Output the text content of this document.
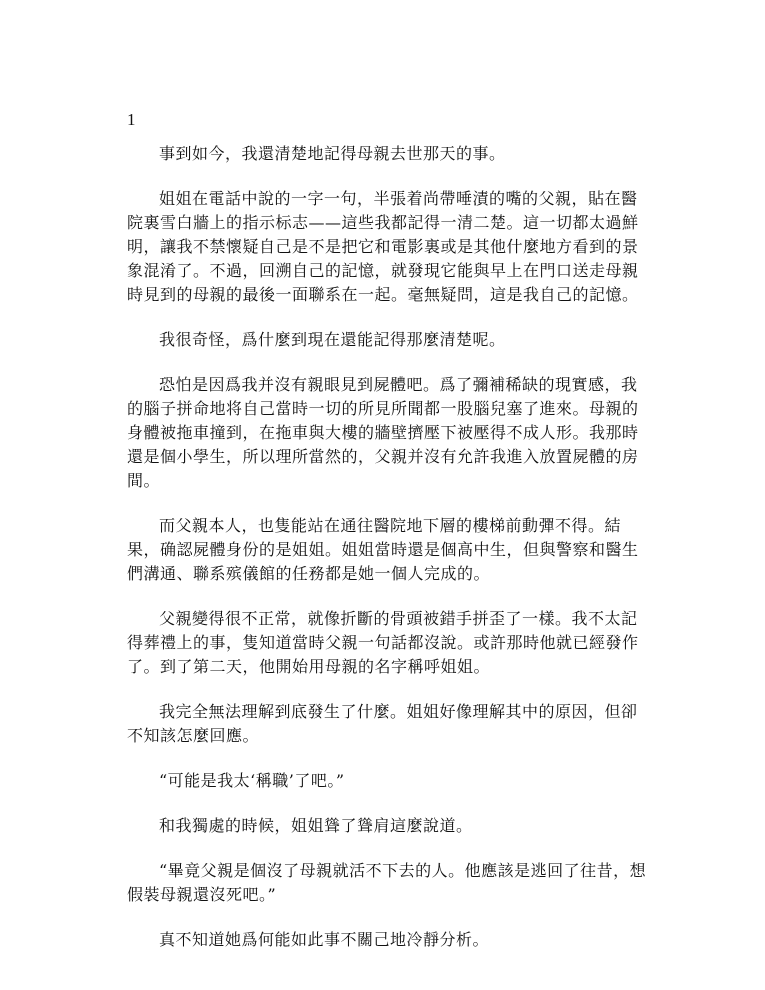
1

事到如今，我還清楚地記得母親去世那天的事。

姐姐在電話中說的一字一句，半張着尚帶唾漬的嘴的父親，貼在醫院裏雪白牆上的指示标志——這些我都記得一清二楚。這一切都太過鮮明，讓我不禁懷疑自己是不是把它和電影裏或是其他什麼地方看到的景象混淆了。不過，回溯自己的記憶，就發現它能與早上在門口送走母親時見到的母親的最後一面聯系在一起。毫無疑問，這是我自己的記憶。

我很奇怪，爲什麼到現在還能記得那麼清楚呢。

恐怕是因爲我并沒有親眼見到屍體吧。爲了彌補稀缺的現實感，我的腦子拼命地将自己當時一切的所見所聞都一股腦兒塞了進來。母親的身體被拖車撞到，在拖車與大樓的牆壁擠壓下被壓得不成人形。我那時還是個小學生，所以理所當然的，父親并沒有允許我進入放置屍體的房間。

而父親本人，也隻能站在通往醫院地下層的樓梯前動彈不得。結果，确認屍體身份的是姐姐。姐姐當時還是個高中生，但與警察和醫生們溝通、聯系殡儀館的任務都是她一個人完成的。

父親變得很不正常，就像折斷的骨頭被錯手拼歪了一樣。我不太記得葬禮上的事，隻知道當時父親一句話都沒說。或許那時他就已經發作了。到了第二天，他開始用母親的名字稱呼姐姐。

我完全無法理解到底發生了什麼。姐姐好像理解其中的原因，但卻不知該怎麼回應。

“可能是我太‘稱職’了吧。”

和我獨處的時候，姐姐聳了聳肩這麼說道。

“畢竟父親是個沒了母親就活不下去的人。他應該是逃回了往昔，想假裝母親還沒死吧。”

真不知道她爲何能如此事不關己地冷靜分析。
